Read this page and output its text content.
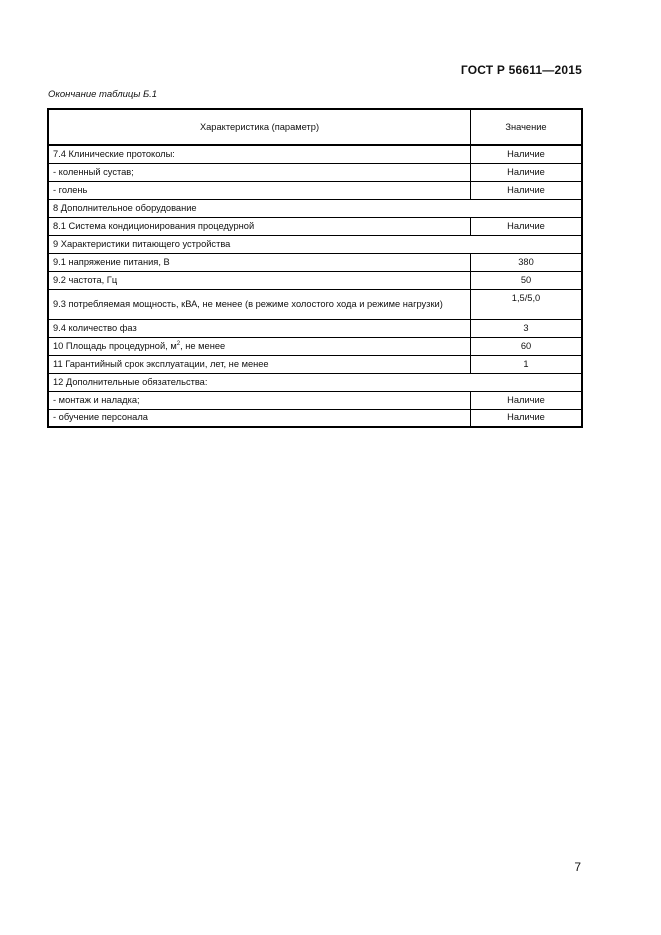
ГОСТ Р 56611—2015
Окончание таблицы Б.1
Характеристика (параметр)	Значение
7.4 Клинические протоколы:	Наличие
- коленный сустав;	Наличие
- голень	Наличие
8 Дополнительное оборудование	
8.1 Система кондиционирования процедурной	Наличие
9 Характеристики питающего устройства	
9.1 напряжение питания, В	380
9.2 частота, Гц	50
9.3 потребляемая мощность, кВА, не менее (в режиме холостого хода и режиме нагрузки)	1,5/5,0
9.4 количество фаз	3
10 Площадь процедурной, $м^2$, не менее	60
11 Гарантийный срок эксплуатации, лет, не менее	1
12 Дополнительные обязательства:	
- монтаж и наладка;	Наличие
- обучение персонала	Наличие
7
